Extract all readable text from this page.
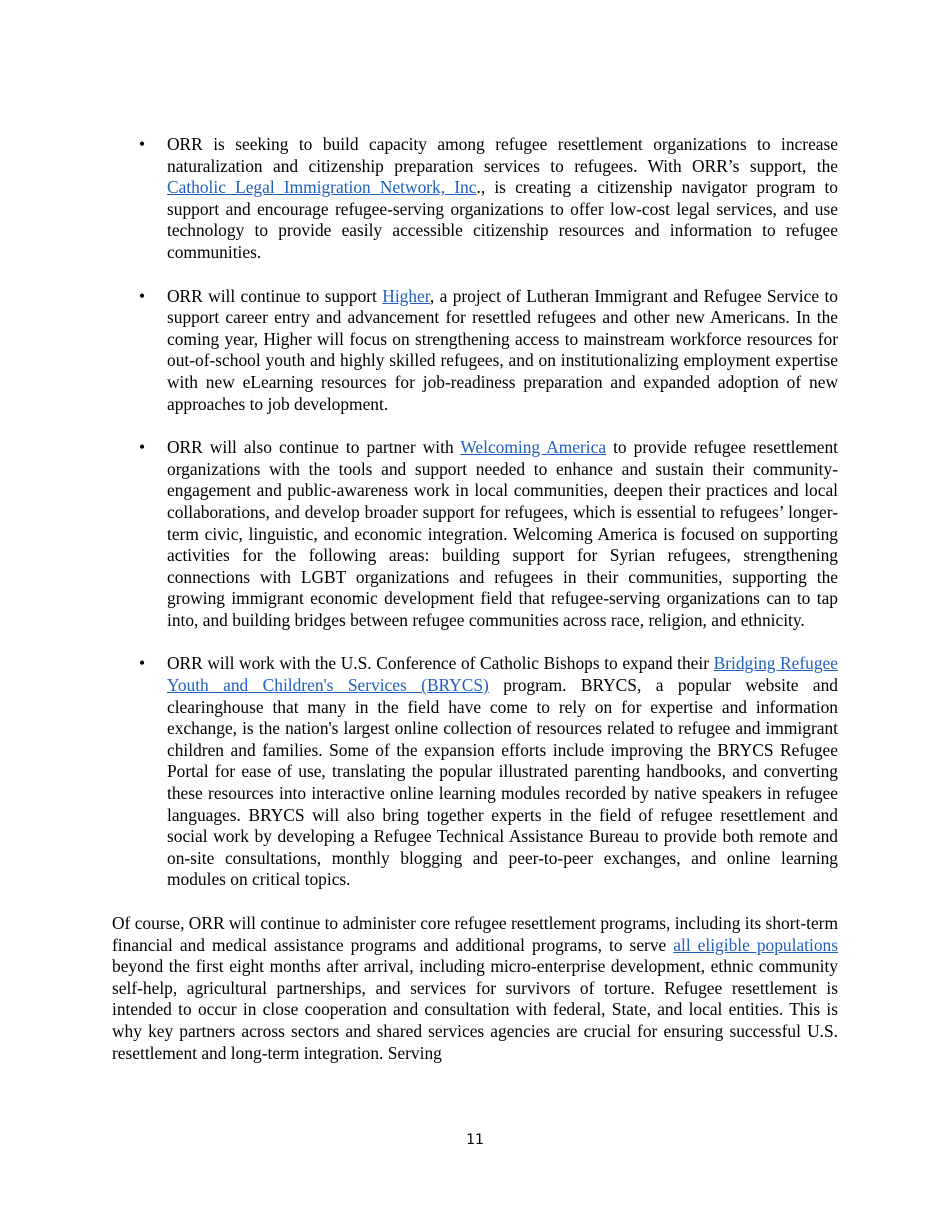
• ORR is seeking to build capacity among refugee resettlement organizations to increase naturalization and citizenship preparation services to refugees. With ORR’s support, the Catholic Legal Immigration Network, Inc., is creating a citizenship navigator program to support and encourage refugee-serving organizations to offer low-cost legal services, and use technology to provide easily accessible citizenship resources and information to refugee communities.
• ORR will continue to support Higher, a project of Lutheran Immigrant and Refugee Service to support career entry and advancement for resettled refugees and other new Americans. In the coming year, Higher will focus on strengthening access to mainstream workforce resources for out-of-school youth and highly skilled refugees, and on institutionalizing employment expertise with new eLearning resources for job-readiness preparation and expanded adoption of new approaches to job development.
• ORR will also continue to partner with Welcoming America to provide refugee resettlement organizations with the tools and support needed to enhance and sustain their community-engagement and public-awareness work in local communities, deepen their practices and local collaborations, and develop broader support for refugees, which is essential to refugees’ longer-term civic, linguistic, and economic integration. Welcoming America is focused on supporting activities for the following areas: building support for Syrian refugees, strengthening connections with LGBT organizations and refugees in their communities, supporting the growing immigrant economic development field that refugee-serving organizations can to tap into, and building bridges between refugee communities across race, religion, and ethnicity.
• ORR will work with the U.S. Conference of Catholic Bishops to expand their Bridging Refugee Youth and Children's Services (BRYCS) program. BRYCS, a popular website and clearinghouse that many in the field have come to rely on for expertise and information exchange, is the nation's largest online collection of resources related to refugee and immigrant children and families. Some of the expansion efforts include improving the BRYCS Refugee Portal for ease of use, translating the popular illustrated parenting handbooks, and converting these resources into interactive online learning modules recorded by native speakers in refugee languages. BRYCS will also bring together experts in the field of refugee resettlement and social work by developing a Refugee Technical Assistance Bureau to provide both remote and on-site consultations, monthly blogging and peer-to-peer exchanges, and online learning modules on critical topics.

Of course, ORR will continue to administer core refugee resettlement programs, including its short-term financial and medical assistance programs and additional programs, to serve all eligible populations beyond the first eight months after arrival, including micro-enterprise development, ethnic community self-help, agricultural partnerships, and services for survivors of torture. Refugee resettlement is intended to occur in close cooperation and consultation with federal, State, and local entities. This is why key partners across sectors and shared services agencies are crucial for ensuring successful U.S. resettlement and long-term integration. Serving

11
